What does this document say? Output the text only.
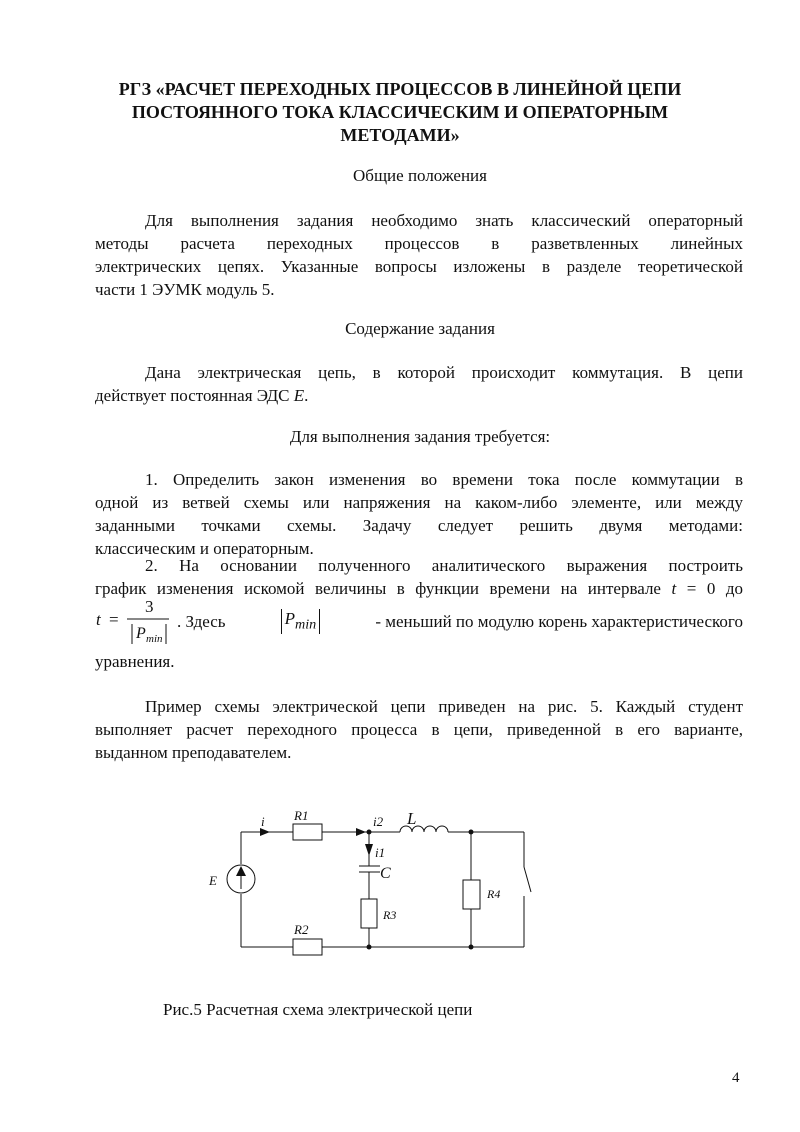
РГЗ «РАСЧЕТ ПЕРЕХОДНЫХ ПРОЦЕССОВ В ЛИНЕЙНОЙ ЦЕПИ
ПОСТОЯННОГО ТОКА КЛАССИЧЕСКИМ И ОПЕРАТОРНЫМ
МЕТОДАМИ»
Общие положения
Для выполнения задания необходимо знать классический операторный
методы расчета переходных процессов в разветвленных линейных
электрических цепях. Указанные вопросы изложены в разделе теоретической
части 1 ЭУМК модуль 5.
Содержание задания
Дана электрическая цепь, в которой происходит коммутация. В цепи
действует постоянная ЭДС E.
Для выполнения задания требуется:
1. Определить закон изменения во времени тока после коммутации в
одной из ветвей схемы или напряжения на каком-либо элементе, или между
заданными точками схемы. Задачу следует решить двумя методами:
классическим и операторным.
2. На основании полученного аналитического выражения построить
график изменения искомой величины в функции времени на интервале t = 0 до
t =
3
P min
. Здесь	$P_{min}$	- меньший по модулю корень характеристического
уравнения.
Пример схемы электрической цепи приведен на рис. 5. Каждый студент
выполняет расчет переходного процесса в цепи, приведенной в его варианте,
выданном преподавателем.
R1
i	i2 L
i1
C
E
R3
R4
R2
Рис.5 Расчетная схема электрической цепи
4
